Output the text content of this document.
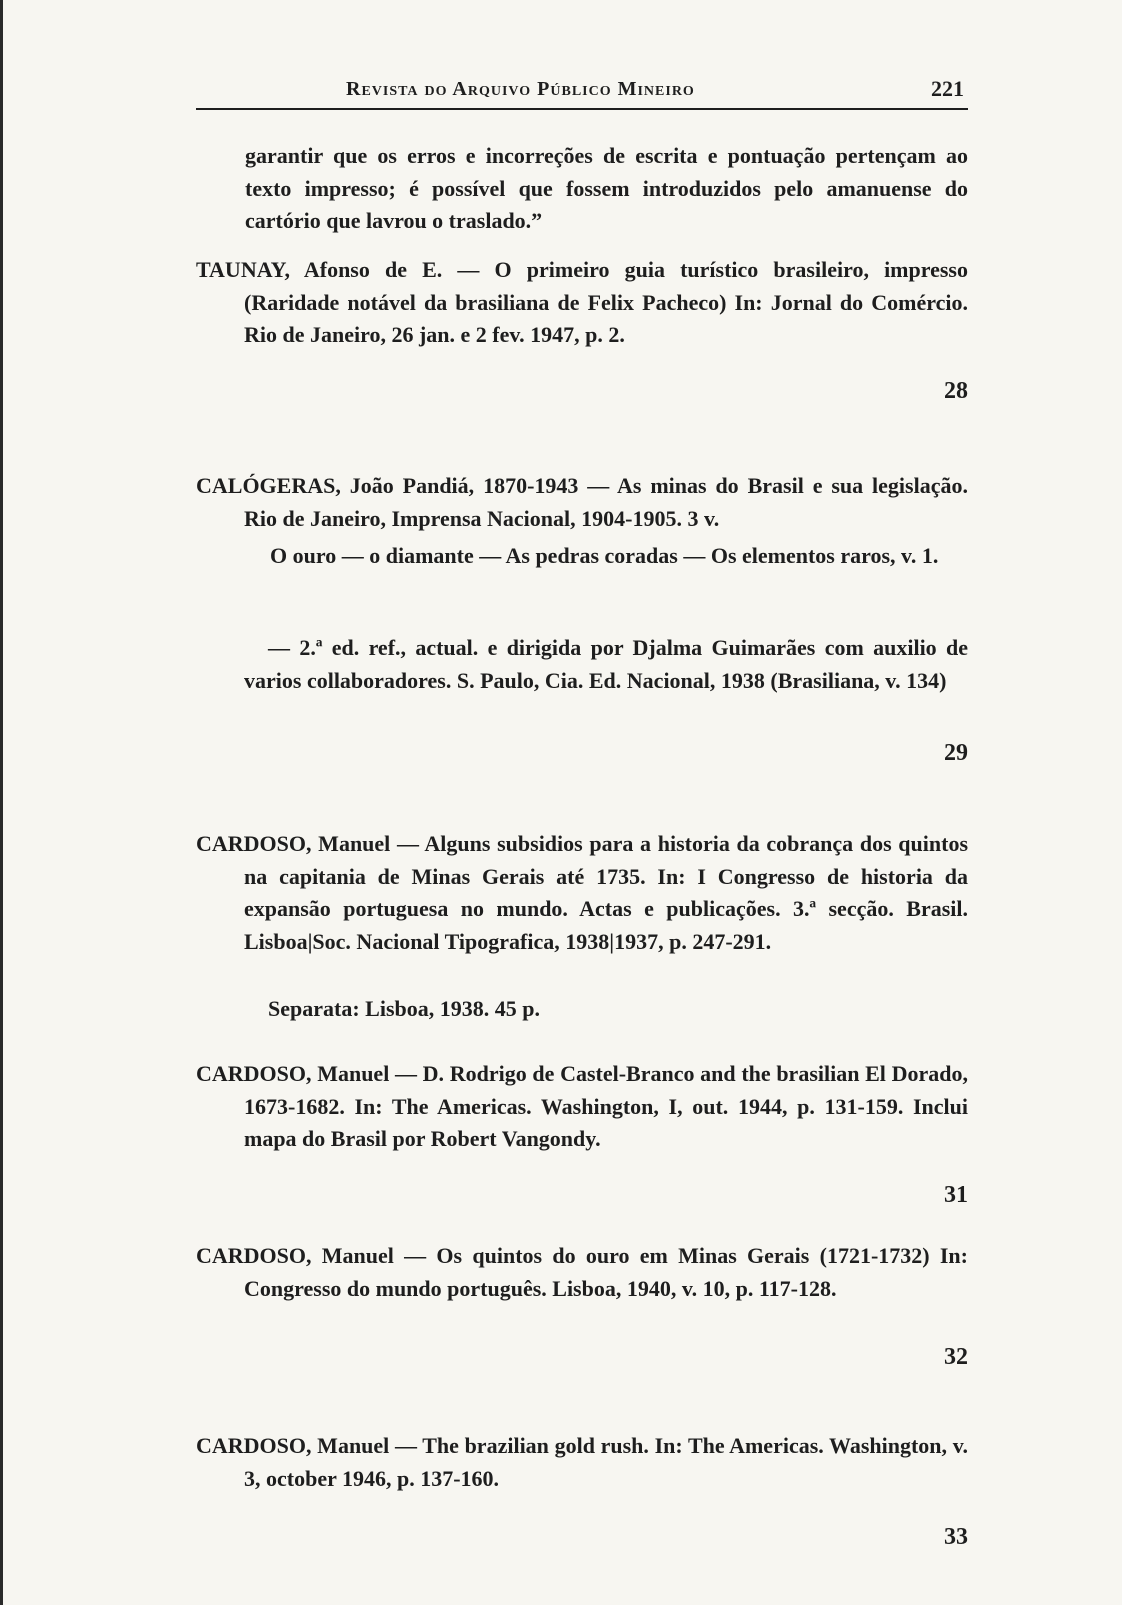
Revista do Arquivo Público Mineiro	221

garantir que os erros e incorreções de escrita e pontuação pertençam ao texto impresso; é possível que fossem introduzidos pelo amanuense do cartório que lavrou o traslado.”

TAUNAY, Afonso de E. — O primeiro guia turístico brasileiro, impresso (Raridade notável da brasiliana de Felix Pacheco) In: Jornal do Comércio. Rio de Janeiro, 26 jan. e 2 fev. 1947, p. 2.

28

CALÓGERAS, João Pandiá, 1870-1943 — As minas do Brasil e sua legislação. Rio de Janeiro, Imprensa Nacional, 1904-1905. 3 v.

O ouro — o diamante — As pedras coradas — Os elementos raros, v. 1.

— 2.ª ed. ref., actual. e dirigida por Djalma Guimarães com auxilio de varios collaboradores. S. Paulo, Cia. Ed. Nacional, 1938 (Brasiliana, v. 134)

29

CARDOSO, Manuel — Alguns subsidios para a historia da cobrança dos quintos na capitania de Minas Gerais até 1735. In: I Congresso de historia da expansão portuguesa no mundo. Actas e publicações. 3.ª secção. Brasil. Lisboa|Soc. Nacional Tipografica, 1938|1937, p. 247-291.

Separata: Lisboa, 1938. 45 p.

CARDOSO, Manuel — D. Rodrigo de Castel-Branco and the brasilian El Dorado, 1673-1682. In: The Americas. Washington, I, out. 1944, p. 131-159. Inclui mapa do Brasil por Robert Vangondy.

31

CARDOSO, Manuel — Os quintos do ouro em Minas Gerais (1721-1732) In: Congresso do mundo português. Lisboa, 1940, v. 10, p. 117-128.

32

CARDOSO, Manuel — The brazilian gold rush. In: The Americas. Washington, v. 3, october 1946, p. 137-160.

33
